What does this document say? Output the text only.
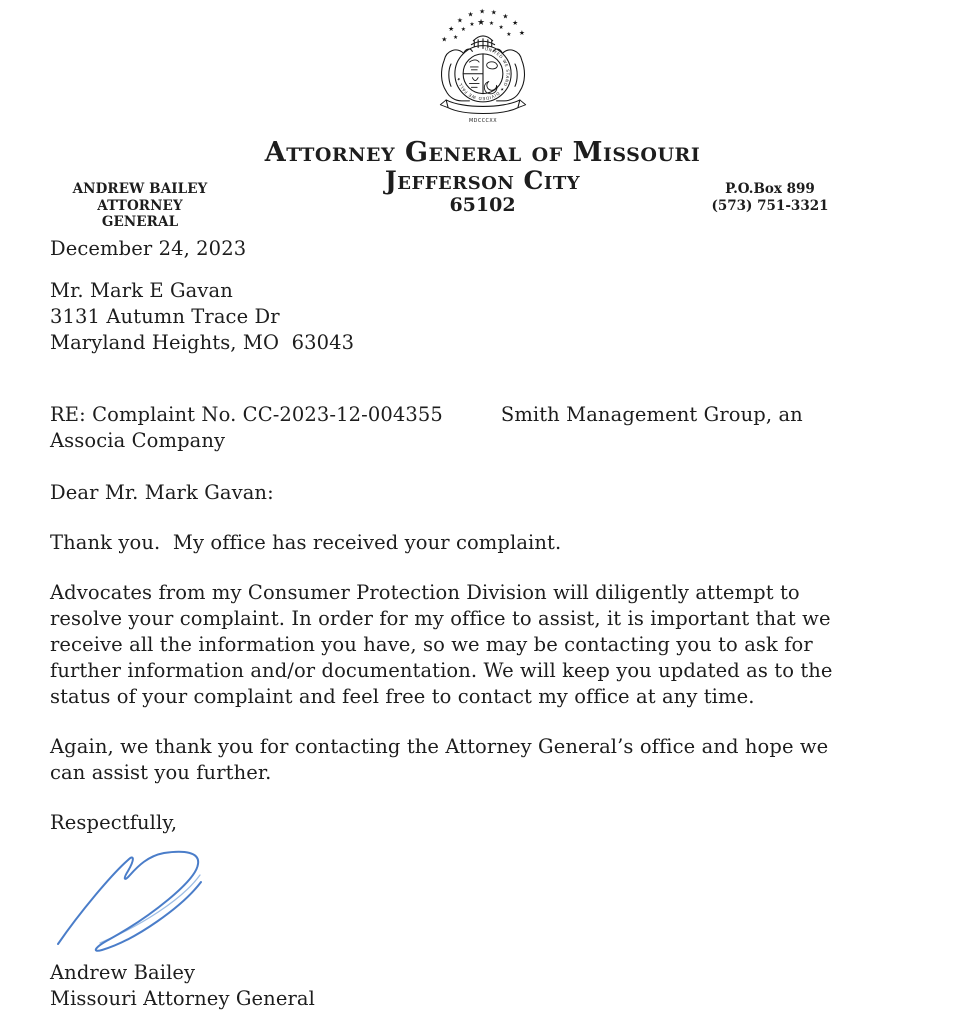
★
★
★
★ ★ ★ ★
★
★
★
★
★ ★
★
★
★
UNITED WE STAND ★ DIVIDED WE FALL ★
MDCCCXX
Attorney General of Missouri
Jefferson City
65102
ANDREW BAILEY
ATTORNEY GENERAL
P.O.Box 899
(573) 751-3321
December 24, 2023
Mr. Mark E Gavan
3131 Autumn Trace Dr
Maryland Heights, MO  63043
RE: Complaint No. CC-2023-12-004355	Smith Management Group, an Associa Company
Dear Mr. Mark Gavan:

Thank you.  My office has received your complaint.

Advocates from my Consumer Protection Division will diligently attempt to resolve your complaint. In order for my office to assist, it is important that we receive all the information you have, so we may be contacting you to ask for further information and/or documentation. We will keep you updated as to the status of your complaint and feel free to contact my office at any time.

Again, we thank you for contacting the Attorney General’s office and hope we can assist you further.

Respectfully,
Andrew Bailey
Missouri Attorney General
